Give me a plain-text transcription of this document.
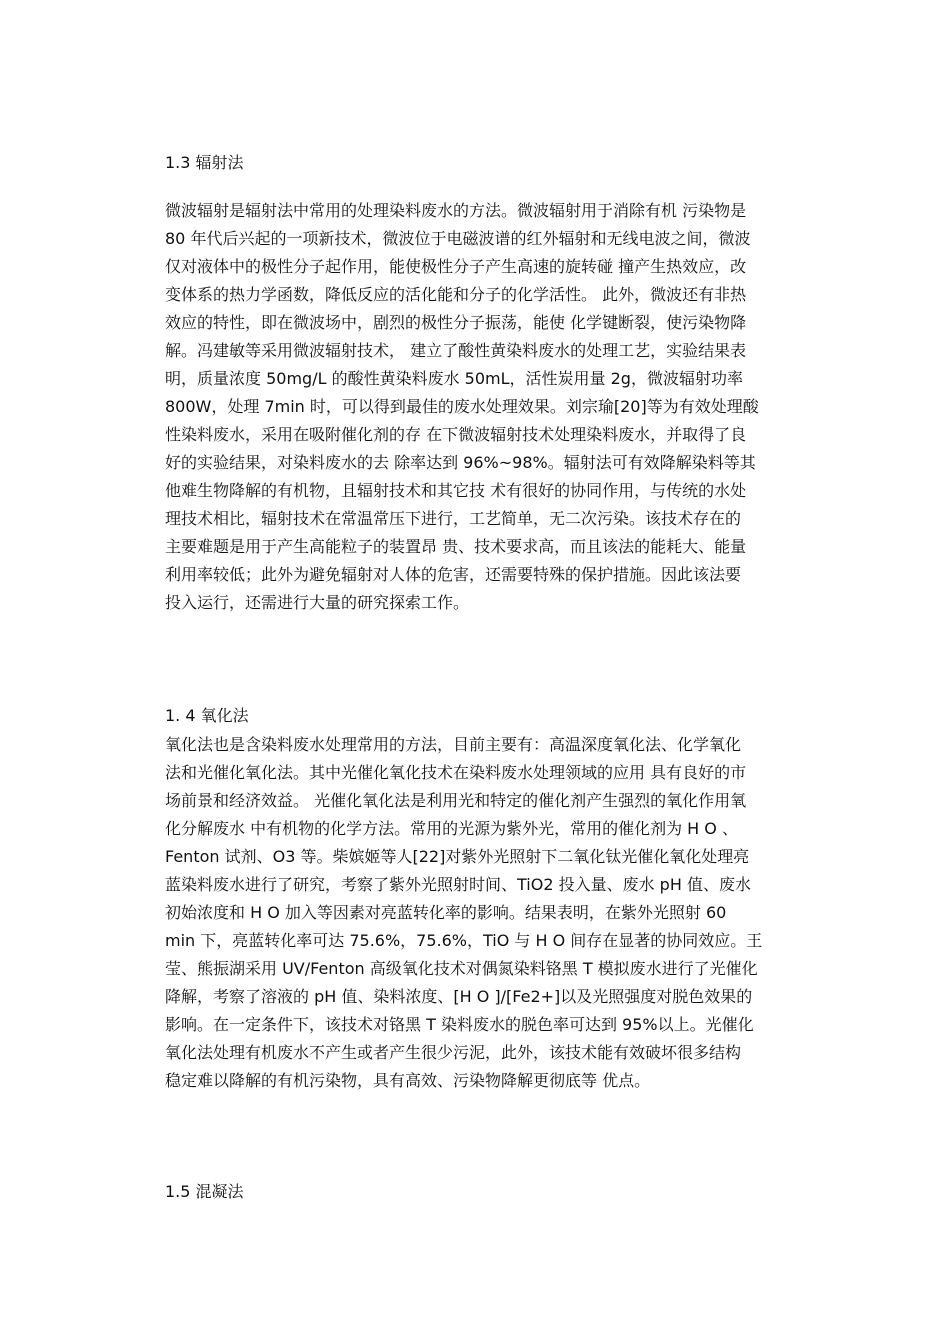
1.3 辐射法
微波辐射是辐射法中常用的处理染料废水的方法。微波辐射用于消除有机 污染物是
80 年代后兴起的一项新技术，微波位于电磁波谱的红外辐射和无线电波之间，微波
仅对液体中的极性分子起作用，能使极性分子产生高速的旋转碰 撞产生热效应，改
变体系的热力学函数，降低反应的活化能和分子的化学活性。 此外，微波还有非热
效应的特性，即在微波场中，剧烈的极性分子振荡，能使 化学键断裂，使污染物降
解。冯建敏等采用微波辐射技术， 建立了酸性黄染料废水的处理工艺，实验结果表
明，质量浓度 50mg/L 的酸性黄染料废水 50mL，活性炭用量 2g，微波辐射功率
800W，处理 7min 时，可以得到最佳的废水处理效果。刘宗瑜[20]等为有效处理酸
性染料废水，采用在吸附催化剂的存 在下微波辐射技术处理染料废水，并取得了良
好的实验结果，对染料废水的去 除率达到 96%~98%。辐射法可有效降解染料等其
他难生物降解的有机物，且辐射技术和其它技 术有很好的协同作用，与传统的水处
理技术相比，辐射技术在常温常压下进行，工艺简单，无二次污染。该技术存在的
主要难题是用于产生高能粒子的装置昂 贵、技术要求高，而且该法的能耗大、能量
利用率较低；此外为避免辐射对人体的危害，还需要特殊的保护措施。因此该法要
投入运行，还需进行大量的研究探索工作。
1. 4 氧化法
氧化法也是含染料废水处理常用的方法，目前主要有：高温深度氧化法、化学氧化
法和光催化氧化法。其中光催化氧化技术在染料废水处理领域的应用 具有良好的市
场前景和经济效益。 光催化氧化法是利用光和特定的催化剂产生强烈的氧化作用氧
化分解废水 中有机物的化学方法。常用的光源为紫外光，常用的催化剂为 H O 、
Fenton 试剂、O3 等。柴嫔姬等人[22]对紫外光照射下二氧化钛光催化氧化处理亮
蓝染料废水进行了研究，考察了紫外光照射时间、TiO2 投入量、废水 pH 值、废水
初始浓度和 H O 加入等因素对亮蓝转化率的影响。结果表明，在紫外光照射 60
min 下，亮蓝转化率可达 75.6%，75.6%，TiO 与 H O 间存在显著的协同效应。王
莹、熊振湖采用 UV/Fenton 高级氧化技术对偶氮染料铬黑 T 模拟废水进行了光催化
降解，考察了溶液的 pH 值、染料浓度、[H O ]/[Fe2+]以及光照强度对脱色效果的
影响。在一定条件下，该技术对铬黑 T 染料废水的脱色率可达到 95%以上。光催化
氧化法处理有机废水不产生或者产生很少污泥，此外，该技术能有效破坏很多结构
稳定难以降解的有机污染物，具有高效、污染物降解更彻底等 优点。
1.5 混凝法
